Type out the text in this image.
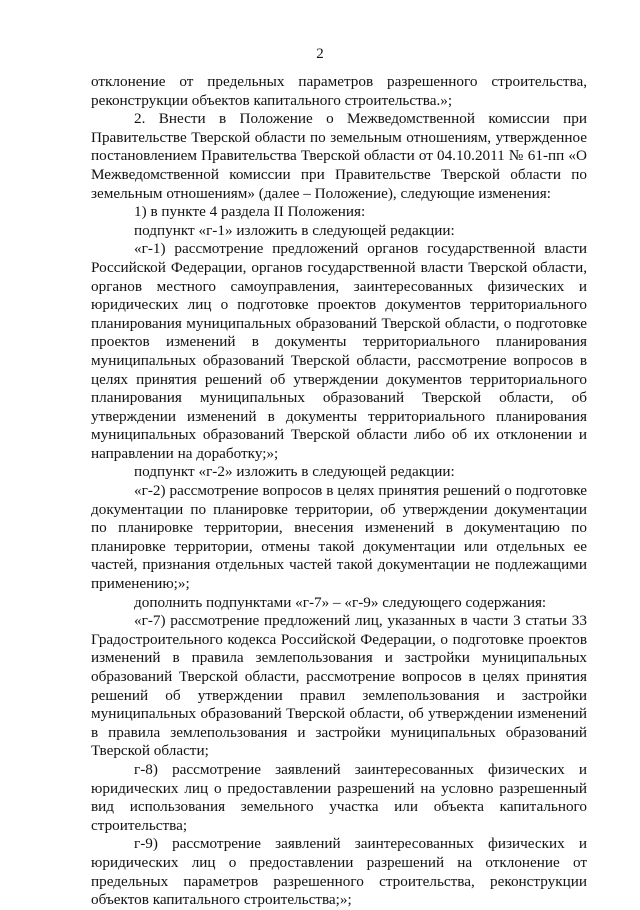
2

отклонение от предельных параметров разрешенного строительства, реконструкции объектов капитального строительства.»;

2. Внести в Положение о Межведомственной комиссии при Правительстве Тверской области по земельным отношениям, утвержденное постановлением Правительства Тверской области от 04.10.2011 № 61-пп «О Межведомственной комиссии при Правительстве Тверской области по земельным отношениям» (далее – Положение), следующие изменения:

1) в пункте 4 раздела II Положения:

подпункт «г-1» изложить в следующей редакции:

«г-1) рассмотрение предложений органов государственной власти Российской Федерации, органов государственной власти Тверской области, органов местного самоуправления, заинтересованных физических и юридических лиц о подготовке проектов документов территориального планирования муниципальных образований Тверской области, о подготовке проектов изменений в документы территориального планирования муниципальных образований Тверской области, рассмотрение вопросов в целях принятия решений об утверждении документов территориального планирования муниципальных образований Тверской области, об утверждении изменений в документы территориального планирования муниципальных образований Тверской области либо об их отклонении и направлении на доработку;»;

подпункт «г-2» изложить в следующей редакции:

«г-2) рассмотрение вопросов в целях принятия решений о подготовке документации по планировке территории, об утверждении документации по планировке территории, внесения изменений в документацию по планировке территории, отмены такой документации или отдельных ее частей, признания отдельных частей такой документации не подлежащими применению;»;

дополнить подпунктами «г-7» – «г-9» следующего содержания:

«г-7) рассмотрение предложений лиц, указанных в части 3 статьи 33 Градостроительного кодекса Российской Федерации, о подготовке проектов изменений в правила землепользования и застройки муниципальных образований Тверской области, рассмотрение вопросов в целях принятия решений об утверждении правил землепользования и застройки муниципальных образований Тверской области, об утверждении изменений в правила землепользования и застройки муниципальных образований Тверской области;

г-8) рассмотрение заявлений заинтересованных физических и юридических лиц о предоставлении разрешений на условно разрешенный вид использования земельного участка или объекта капитального строительства;

г-9) рассмотрение заявлений заинтересованных физических и юридических лиц о предоставлении разрешений на отклонение от предельных параметров разрешенного строительства, реконструкции объектов капитального строительства;»;
